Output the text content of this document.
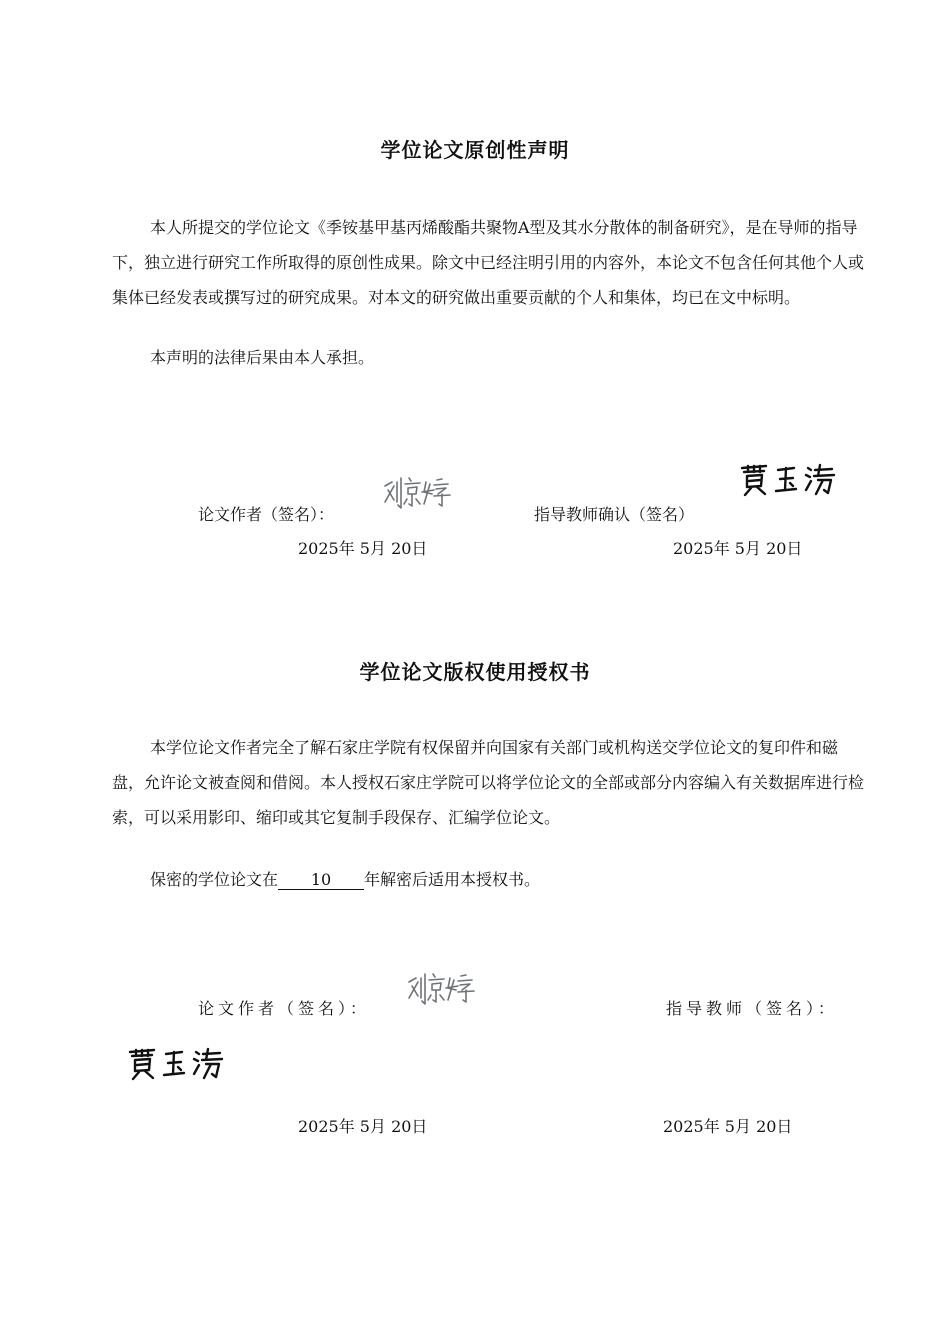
学位论文原创性声明

本人所提交的学位论文《季铵基甲基丙烯酸酯共聚物A型及其水分散体的制备研究》，是在导师的指导下，独立进行研究工作所取得的原创性成果。除文中已经注明引用的内容外，本论文不包含任何其他个人或集体已经发表或撰写过的研究成果。对本文的研究做出重要贡献的个人和集体，均已在文中标明。

本声明的法律后果由本人承担。

论文作者（签名）：	指导教师确认（签名）
2025年 5月 20日	2025年 5月 20日
学位论文版权使用授权书

本学位论文作者完全了解石家庄学院有权保留并向国家有关部门或机构送交学位论文的复印件和磁盘，允许论文被查阅和借阅。本人授权石家庄学院可以将学位论文的全部或部分内容编入有关数据库进行检索，可以采用影印、缩印或其它复制手段保存、汇编学位论文。

保密的学位论文在 10 年解密后适用本授权书。

论文作者（签名）：	指导教师（签名）：
2025年 5月 20日	2025年 5月 20日
